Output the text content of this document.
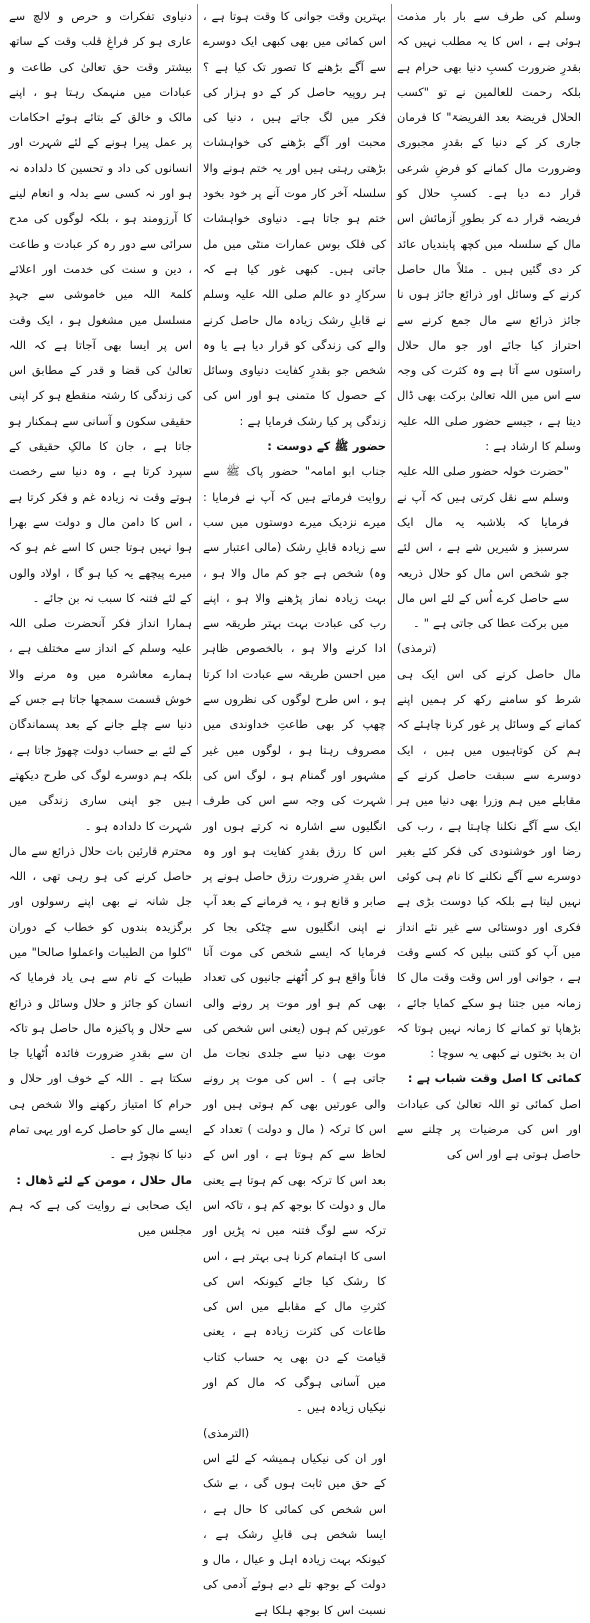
وسلم کی طرف سے بار بار مذمت ہوئی ہے ، اس کا یہ مطلب نہیں کہ بقدرِ ضرورت کسبِ دنیا بھی حرام ہے بلکہ رحمت للعالمین نے تو "کسب الحلال فریضۃ بعد الفریضۃ" کا فرمان جاری کر کے دنیا کے بقدرِ مجبوری وضرورت مال کمانے کو فرضِ شرعی قرار دے دیا ہے۔ کسبِ حلال کو فریضہ قرار دے کر بطورِ آزمائش اس مال کے سلسلہ میں کچھ پابندیاں عائد کر دی گئیں ہیں ۔ مثلاً مال حاصل کرنے کے وسائل اور ذرائع جائز ہوں نا جائز ذرائع سے مال جمع کرنے سے احتراز کیا جائے اور جو مال حلال راستوں سے آتا ہے وہ کثرت کی وجہ سے اس میں اللہ تعالیٰ برکت بھی ڈال دیتا ہے ، جیسے حضور صلی اللہ علیہ وسلم کا ارشاد ہے :
"حضرت خولہ حضور صلی اللہ علیہ وسلم سے نقل کرتی ہیں کہ آپ نے فرمایا کہ بلاشبہ یہ مال ایک سرسبز و شیریں شے ہے ، اس لئے جو شخص اس مال کو حلال ذریعہ سے حاصل کرے اُس کے لئے اس مال میں برکت عطا کی جاتی ہے " ۔
(ترمذی)
مال حاصل کرنے کی اس ایک ہی شرط کو سامنے رکھ کر ہمیں اپنے کمانے کے وسائل پر غور کرنا چاہئے کہ ہم کن کوتاہیوں میں ہیں ، ایک دوسرے سے سبقت حاصل کرنے کے مقابلے میں ہم وزرا بھی دنیا میں ہر ایک سے آگے نکلنا چاہتا ہے ، رب کی رضا اور خوشنودی کی فکر کئے بغیر دوسرے سے آگے نکلنے کا نام ہی کوئی نہیں لیتا ہے بلکہ کیا دوست بڑی ہے فکری اور دوستائی سے غیر نئے انداز میں آپ کو کتنی بیلیں کہ کسے وقت ہے ، جوانی اور اس وقت وقت مال کا زمانہ میں جتنا ہو سکے کمایا جائے ، بڑھاپا تو کمانے کا زمانہ نہیں ہوتا کہ ان بد بختوں نے کبھی یہ سوچا :
کمائی کا اصل وقت شباب ہے :
اصل کمائی تو اللہ تعالیٰ کی عبادات اور اس کی مرضیات پر چلنے سے حاصل ہوتی ہے اور اس کی
بہترین وقت جوانی کا وقت ہوتا ہے ، اس کمائی میں بھی کبھی ایک دوسرے سے آگے بڑھنے کا تصور تک کیا ہے ؟ ہر روپیہ حاصل کر کے دو ہزار کی فکر میں لگ جاتے ہیں ، دنیا کی محبت اور آگے بڑھنے کی خواہشات بڑھتی رہتی ہیں اور یہ ختم ہونے والا سلسلہ آخر کار موت آنے پر خود بخود ختم ہو جاتا ہے۔ دنیاوی خواہشات کی فلک بوس عمارات منٹی میں مل جاتی ہیں۔ کبھی غور کیا ہے کہ سرکارِ دو عالم صلی اللہ علیہ وسلم نے قابلِ رشک زیادہ مال حاصل کرنے والے کی زندگی کو قرار دیا ہے یا وہ شخص جو بقدرِ کفایت دنیاوی وسائل کے حصول کا متمنی ہو اور اس کی زندگی پر کیا رشک فرمایا ہے :
حضور ﷺ کے دوست :
جناب ابو امامہ" حضور پاک ﷺ سے روایت فرماتے ہیں کہ آپ نے فرمایا : میرے نزدیک میرے دوستوں میں سب سے زیادہ قابلِ رشک (مالی اعتبار سے وہ) شخص ہے جو کم مال والا ہو ، بہت زیادہ نماز پڑھنے والا ہو ، اپنے رب کی عبادت بہت بہتر طریقہ سے ادا کرنے والا ہو ، بالخصوص ظاہر میں احسن طریقہ سے عبادت ادا کرتا ہو ، اس طرح لوگوں کی نظروں سے چھپ کر بھی طاعتِ خداوندی میں مصروف رہتا ہو ، لوگوں میں غیر مشہور اور گمنام ہو ، لوگ اس کی شہرت کی وجہ سے اس کی طرف انگلیوں سے اشارہ نہ کرتے ہوں اور اس کا رزق بقدرِ کفایت ہو اور وہ اس بقدرِ ضرورت رزق حاصل ہونے پر صابر و قانع ہو ، یہ فرمانے کے بعد آپ نے اپنی انگلیوں سے چٹکی بجا کر فرمایا کہ ایسے شخص کی موت آنا فاناً واقع ہو کر اُٹھنے جانیوں کی تعداد بھی کم ہو اور موت پر رونے والی عورتیں کم ہوں (یعنی اس شخص کی موت بھی دنیا سے جلدی نجات مل جاتی ہے ) ۔ اس کی موت پر رونے والی عورتیں بھی کم ہوتی ہیں اور اس کا ترکہ ( مال و دولت ) تعداد کے لحاظ سے کم ہوتا ہے ، اور اس کے بعد اس کا ترکہ بھی کم ہوتا ہے یعنی مال و دولت کا بوجھ کم ہو ، تاکہ اس ترکہ سے لوگ فتنہ میں نہ پڑیں اور اسی کا اہتمام کرنا ہی بہتر ہے ، اس کا رشک کیا جائے کیونکہ اس کی کثرتِ مال کے مقابلے میں اس کی طاعات کی کثرت زیادہ ہے ، یعنی قیامت کے دن بھی یہ حساب کتاب میں آسانی ہوگی کہ مال کم اور نیکیاں زیادہ ہیں ۔
(الترمذی)
اور ان کی نیکیاں ہمیشہ کے لئے اس کے حق میں ثابت ہوں گی ، بے شک اس شخص کی کمائی کا حال ہے ، ایسا شخص ہی قابلِ رشک ہے ، کیونکہ بہت زیادہ اہل و عیال ، مال و دولت کے بوجھ تلے دبے ہوئے آدمی کی نسبت اس کا بوجھ ہلکا ہے
دنیاوی تفکرات و حرص و لالچ سے عاری ہو کر فراغِ قلب وقت کے ساتھ بیشتر وقت حق تعالیٰ کی طاعت و عبادات میں منہمک رہتا ہو ، اپنے مالک و خالق کے بتائے ہوئے احکامات پر عمل پیرا ہونے کے لئے شہرت اور انسانوں کی داد و تحسین کا دلدادہ نہ ہو اور نہ کسی سے بدلہ و انعام لینے کا آرزومند ہو ، بلکہ لوگوں کی مدح سرائی سے دور رہ کر عبادت و طاعت ، دین و سنت کی خدمت اور اعلائے کلمۃ اللہ میں خاموشی سے جہدِ مسلسل میں مشغول ہو ، ایک وقت اس پر ایسا بھی آجاتا ہے کہ اللہ تعالیٰ کی قضا و قدر کے مطابق اس کی زندگی کا رشتہ منقطع ہو کر اپنی حقیقی سکون و آسانی سے ہمکنار ہو جاتا ہے ، جان کا مالکِ حقیقی کے سپرد کرتا ہے ، وہ دنیا سے رخصت ہوتے وقت نہ زیادہ غم و فکر کرتا ہے ، اس کا دامن مال و دولت سے بھرا ہوا نہیں ہوتا جس کا اسے غم ہو کہ میرے پیچھے یہ کیا ہو گا ، اولاد والوں کے لئے فتنہ کا سبب نہ بن جائے ۔
ہمارا انداز فکر آنحضرت صلی اللہ علیہ وسلم کے انداز سے مختلف ہے ، ہمارے معاشرہ میں وہ مرنے والا خوش قسمت سمجھا جاتا ہے جس کے دنیا سے چلے جانے کے بعد پسماندگان کے لئے بے حساب دولت چھوڑ جاتا ہے ، بلکہ ہم دوسرے لوگ کی طرح دیکھتے ہیں جو اپنی ساری زندگی میں شہرت کا دلدادہ ہو ۔
محترم قارئین بات حلال ذرائع سے مال حاصل کرنے کی ہو رہی تھی ، اللہ جل شانہ نے بھی اپنے رسولوں اور برگزیدہ بندوں کو خطاب کے دوران "کلوا من الطیبات واعملوا صالحا" میں طیبات کے نام سے ہی یاد فرمایا کہ انسان کو جائز و حلال وسائل و ذرائع سے حلال و پاکیزہ مال حاصل ہو تاکہ ان سے بقدرِ ضرورت فائدہ اُٹھایا جا سکتا ہے ۔ اللہ کے خوف اور حلال و حرام کا امتیاز رکھنے والا شخص ہی ایسے مال کو حاصل کرے اور یہی تمام دنیا کا نچوڑ ہے ۔
مال حلال ، مومن کے لئے ڈھال :
ایک صحابی نے روایت کی ہے کہ ہم مجلس میں
